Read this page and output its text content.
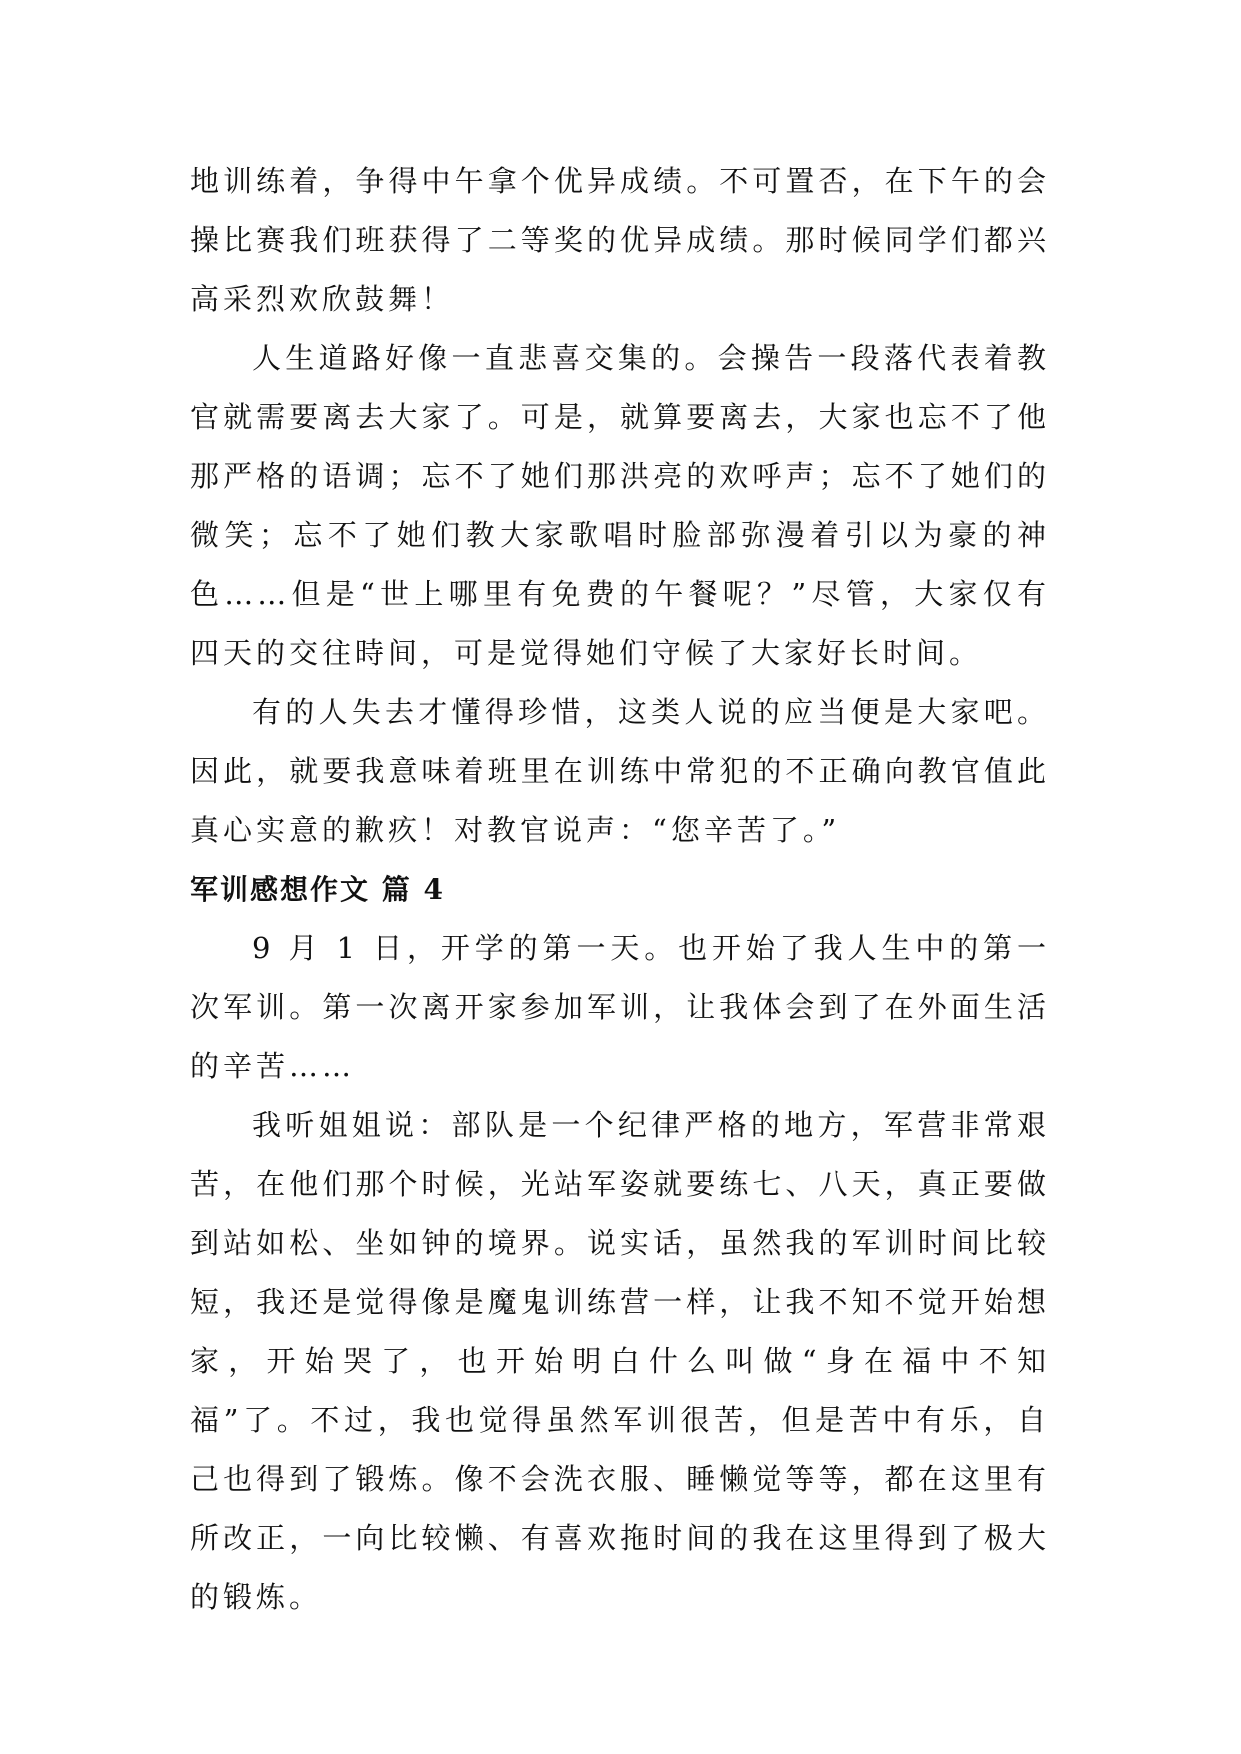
地训练着，争得中午拿个优异成绩。不可置否，在下午的会操比赛我们班获得了二等奖的优异成绩。那时候同学们都兴高采烈欢欣鼓舞！

人生道路好像一直悲喜交集的。会操告一段落代表着教官就需要离去大家了。可是，就算要离去，大家也忘不了他那严格的语调；忘不了她们那洪亮的欢呼声；忘不了她们的微笑；忘不了她们教大家歌唱时脸部弥漫着引以为豪的神色……但是“世上哪里有免费的午餐呢？”尽管，大家仅有四天的交往時间，可是觉得她们守候了大家好长时间。

有的人失去才懂得珍惜，这类人说的应当便是大家吧。因此，就要我意味着班里在训练中常犯的不正确向教官值此真心实意的歉疚！对教官说声：“您辛苦了。”

军训感想作文 篇 4

9 月 1 日，开学的第一天。也开始了我人生中的第一次军训。第一次离开家参加军训，让我体会到了在外面生活的辛苦……

我听姐姐说：部队是一个纪律严格的地方，军营非常艰苦，在他们那个时候，光站军姿就要练七、八天，真正要做到站如松、坐如钟的境界。说实话，虽然我的军训时间比较短，我还是觉得像是魔鬼训练营一样，让我不知不觉开始想家，开始哭了，也开始明白什么叫做“身在福中不知福”了。不过，我也觉得虽然军训很苦，但是苦中有乐，自己也得到了锻炼。像不会洗衣服、睡懒觉等等，都在这里有所改正，一向比较懒、有喜欢拖时间的我在这里得到了极大的锻炼。
